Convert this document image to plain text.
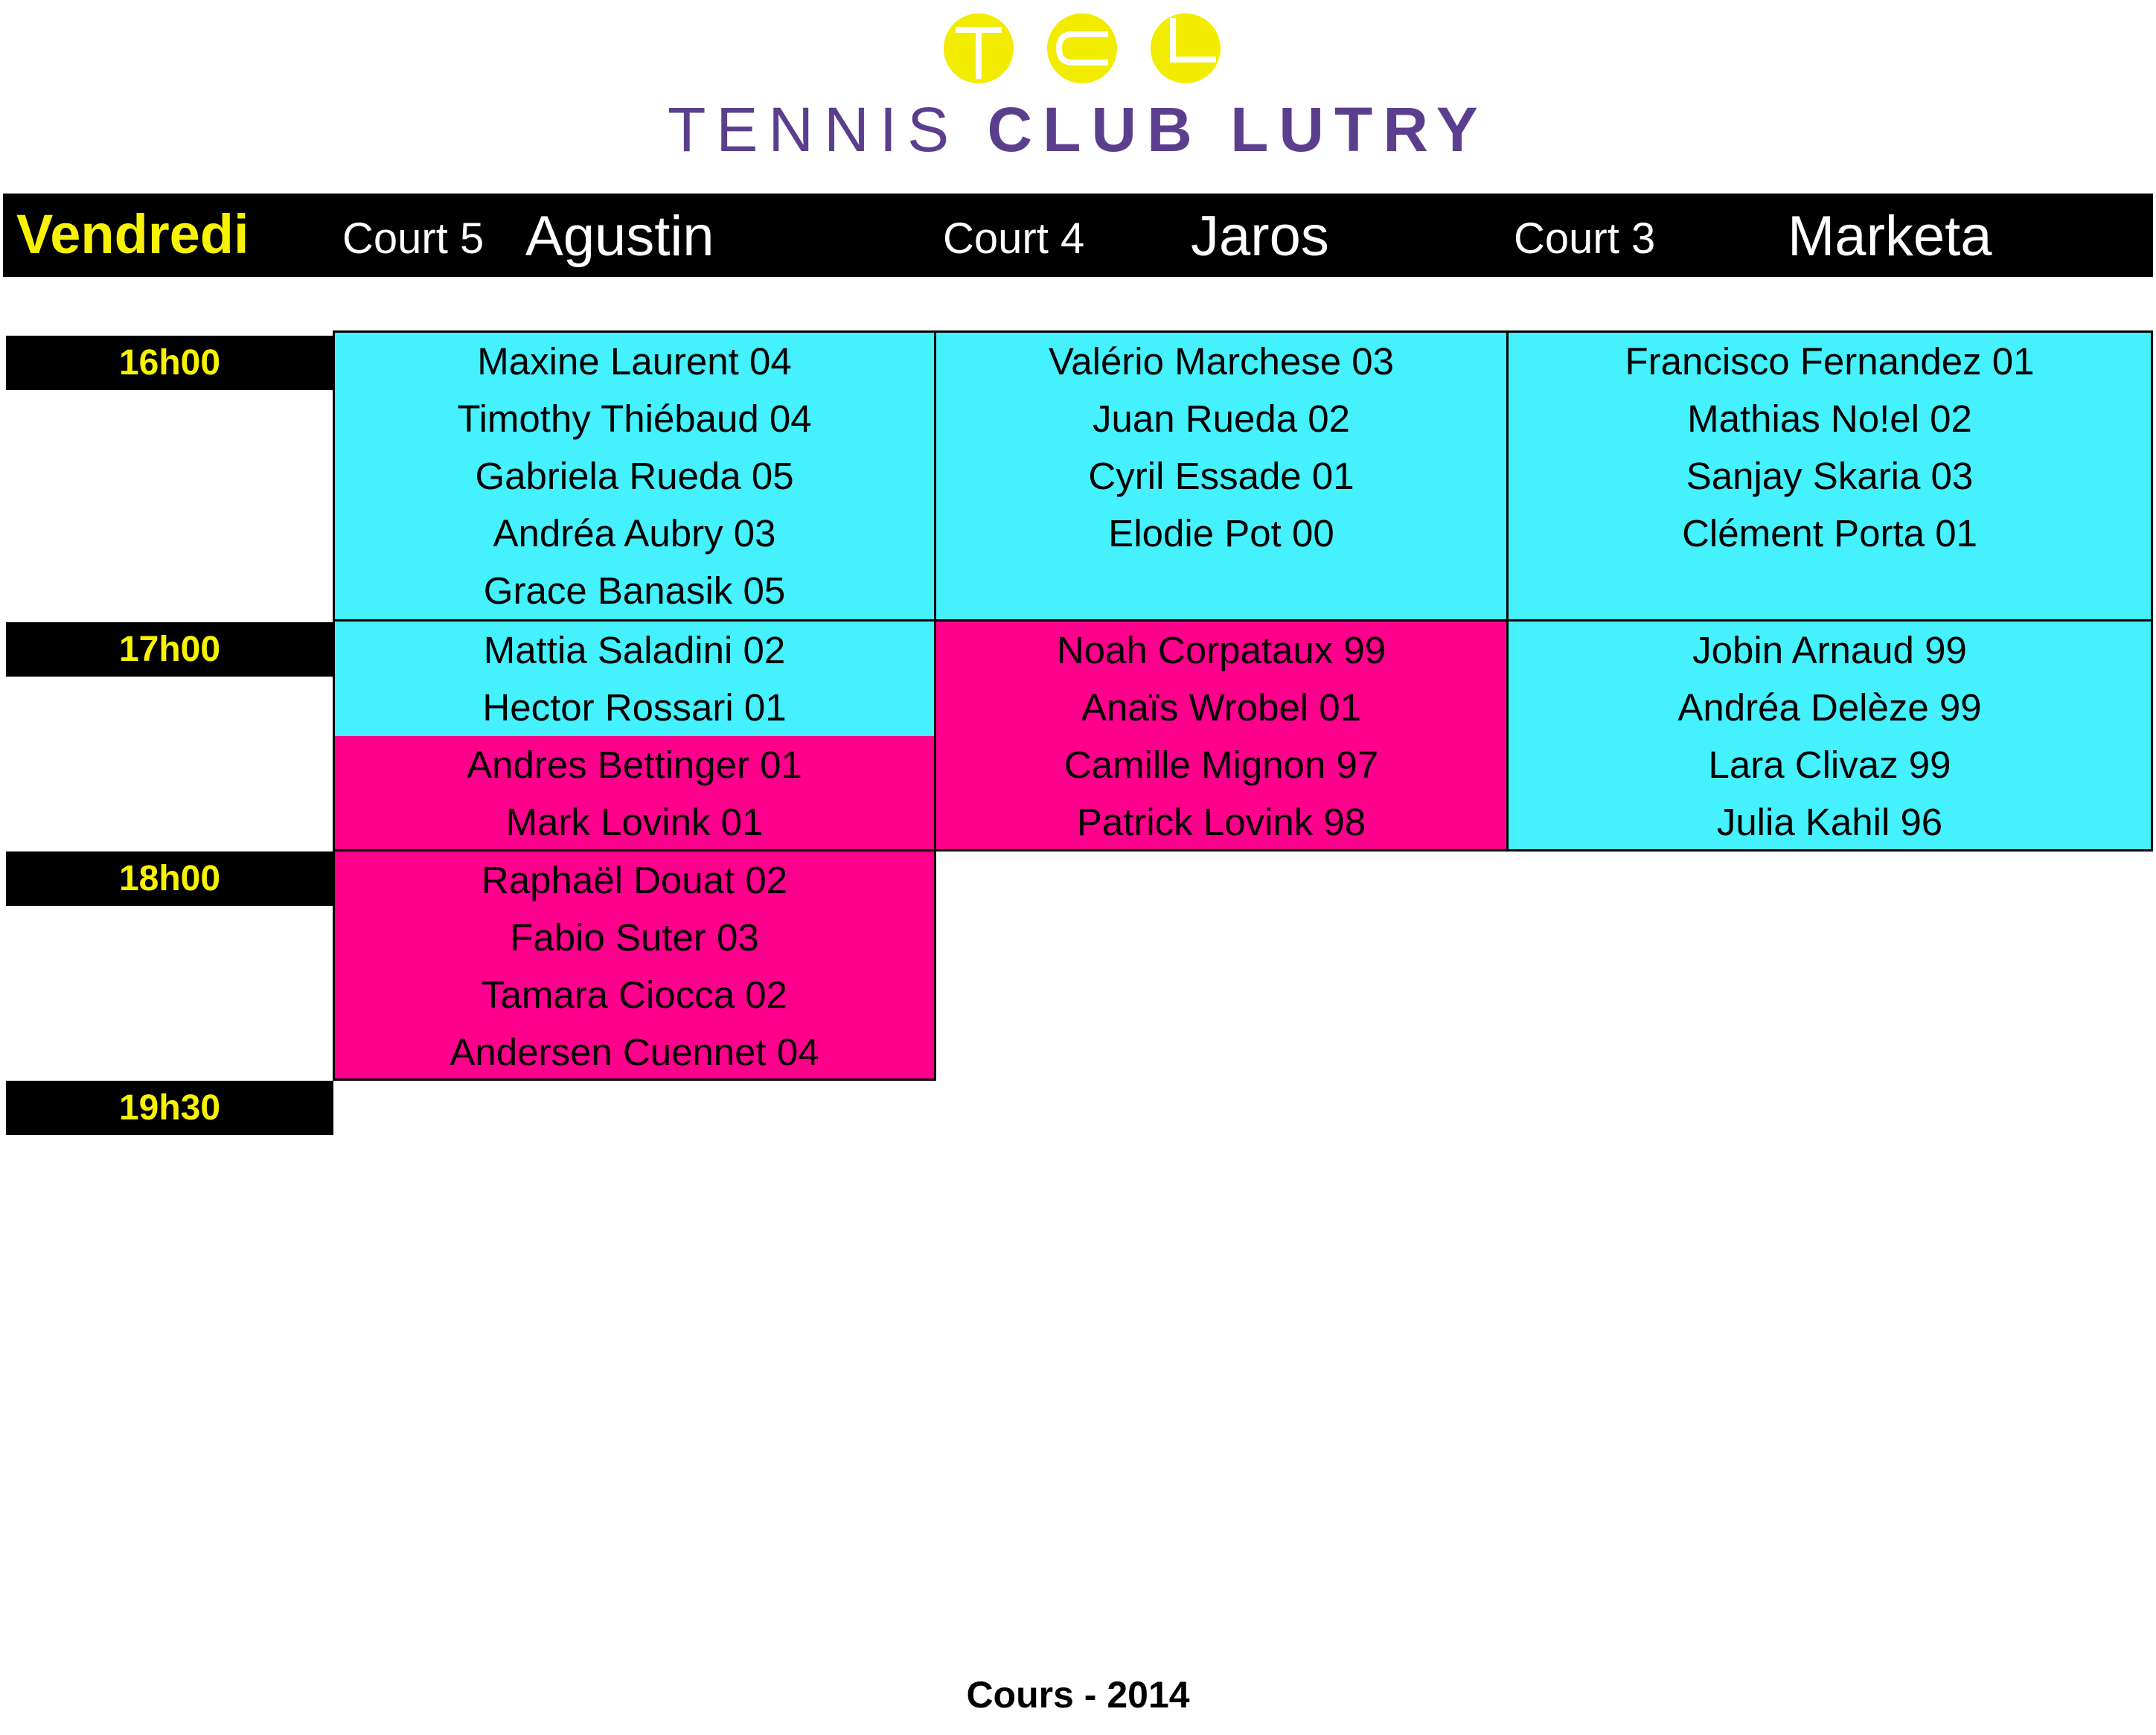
TENNIS CLUB LUTRY
Vendredi Court 5 Agustin	Court 4 Jaros	Court 3 Marketa
16h00
17h00
18h00
19h30
Maxine Laurent 04
Timothy Thiébaud 04
Gabriela Rueda 05
Andréa Aubry 03
Grace Banasik 05
Mattia Saladini 02
Hector Rossari 01
Andres Bettinger 01
Mark Lovink 01
Raphaël Douat 02
Fabio Suter 03
Tamara Ciocca 02
Andersen Cuennet 04
Valério Marchese 03
Juan Rueda 02
Cyril Essade 01
Elodie Pot 00
Noah Corpataux 99
Anaïs Wrobel 01
Camille Mignon 97
Patrick Lovink 98
Francisco Fernandez 01
Mathias No!el 02
Sanjay Skaria 03
Clément Porta 01
Jobin Arnaud 99
Andréa Delèze 99
Lara Clivaz 99
Julia Kahil 96
Cours - 2014
